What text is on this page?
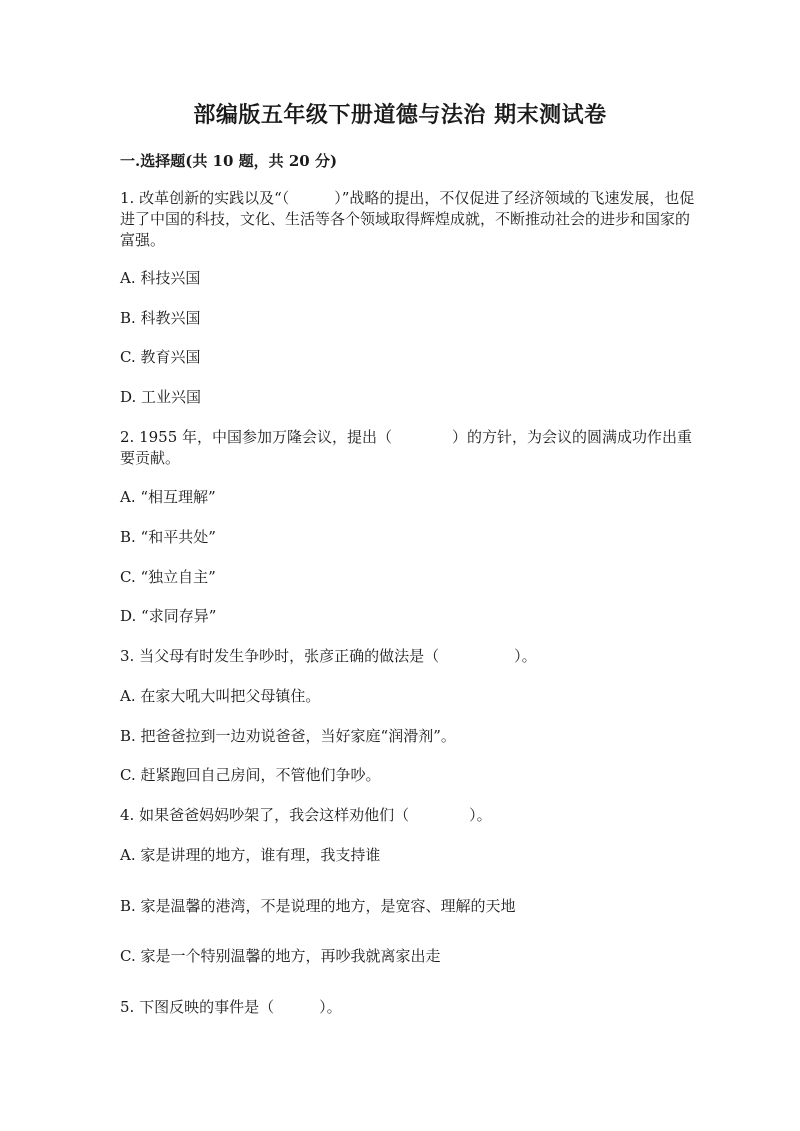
部编版五年级下册道德与法治 期末测试卷
一.选择题(共 10 题，共 20 分)
1. 改革创新的实践以及“（　　　）”战略的提出，不仅促进了经济领域的飞速发展，也促进了中国的科技，文化、生活等各个领域取得辉煌成就，不断推动社会的进步和国家的富强。
A. 科技兴国
B. 科教兴国
C. 教育兴国
D. 工业兴国
2. 1955 年，中国参加万隆会议，提出（　　　　）的方针，为会议的圆满成功作出重要贡献。
A. “相互理解”
B. “和平共处”
C. “独立自主”
D. “求同存异”
3. 当父母有时发生争吵时，张彦正确的做法是（　　　　　）。
A. 在家大吼大叫把父母镇住。
B. 把爸爸拉到一边劝说爸爸，当好家庭“润滑剂”。
C. 赶紧跑回自己房间，不管他们争吵。
4. 如果爸爸妈妈吵架了，我会这样劝他们（　　　　）。
A. 家是讲理的地方，谁有理，我支持谁
B. 家是温馨的港湾，不是说理的地方，是宽容、理解的天地
C. 家是一个特别温馨的地方，再吵我就离家出走
5. 下图反映的事件是（　　　）。
